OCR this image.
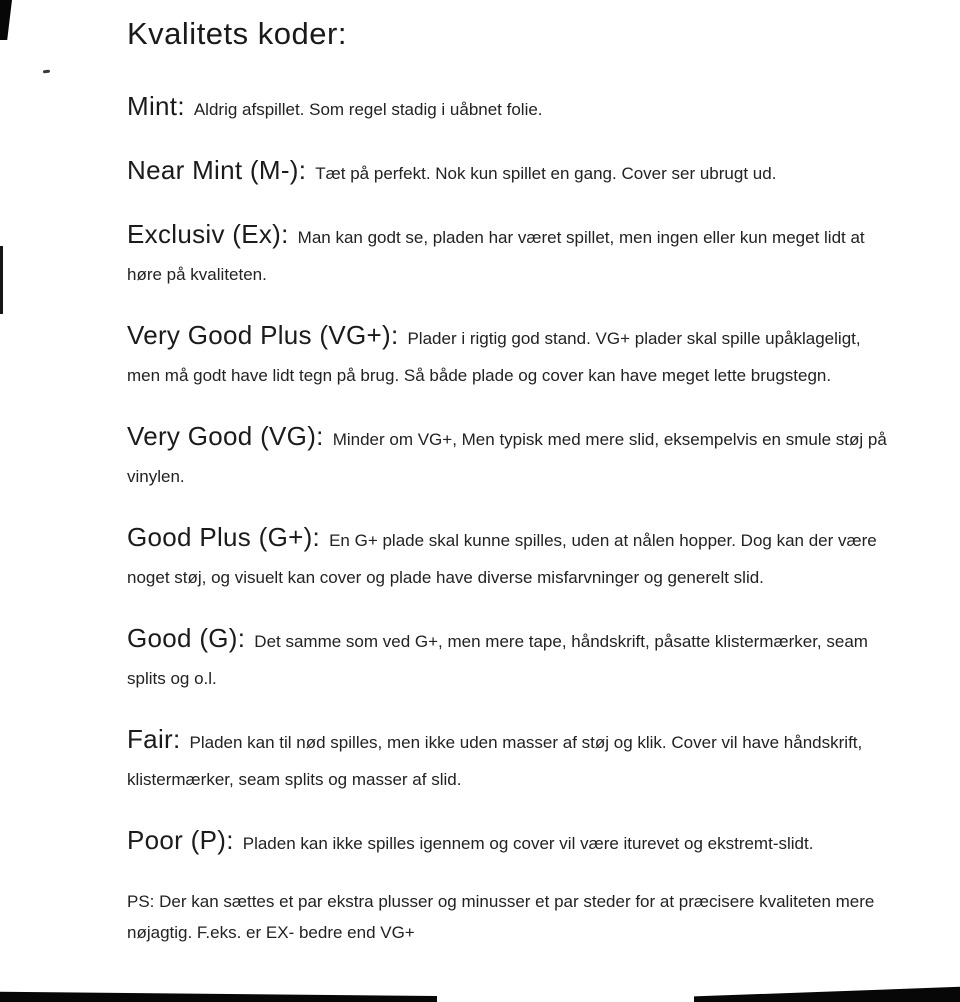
Kvalitets koder:

Mint: Aldrig afspillet. Som regel stadig i uåbnet folie.

Near Mint (M-): Tæt på perfekt. Nok kun spillet en gang. Cover ser ubrugt ud.

Exclusiv (Ex): Man kan godt se, pladen har været spillet, men ingen eller kun meget lidt at høre på kvaliteten.

Very Good Plus (VG+): Plader i rigtig god stand. VG+ plader skal spille upåklageligt, men må godt have lidt tegn på brug. Så både plade og cover kan have meget lette brugstegn.

Very Good (VG): Minder om VG+, Men typisk med mere slid, eksempelvis en smule støj på vinylen.

Good Plus (G+): En G+ plade skal kunne spilles, uden at nålen hopper. Dog kan der være noget støj, og visuelt kan cover og plade have diverse misfarvninger og generelt slid.

Good (G): Det samme som ved G+, men mere tape, håndskrift, påsatte klistermærker, seam splits og o.l.

Fair: Pladen kan til nød spilles, men ikke uden masser af støj og klik. Cover vil have håndskrift, klistermærker, seam splits og masser af slid.

Poor (P): Pladen kan ikke spilles igennem og cover vil være iturevet og ekstremt-slidt.

PS: Der kan sættes et par ekstra plusser og minusser et par steder for at præcisere kvaliteten mere nøjagtig. F.eks. er EX- bedre end VG+
